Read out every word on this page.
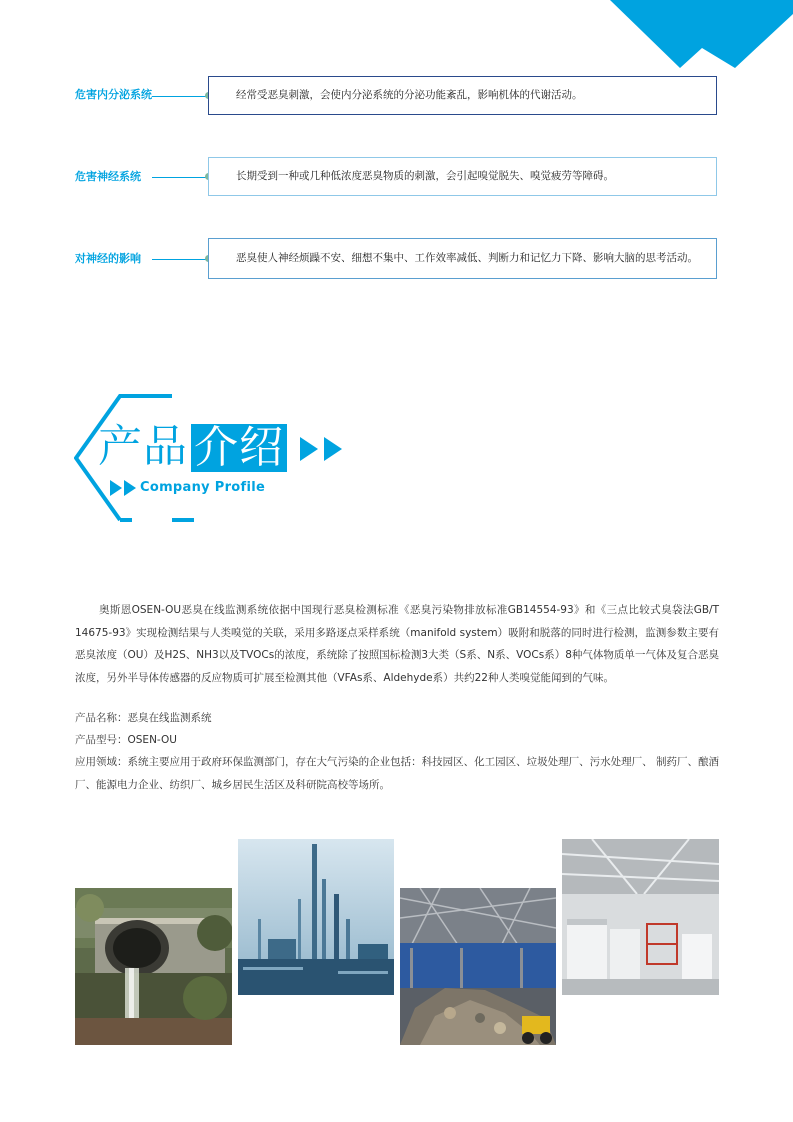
危害内分泌系统	经常受恶臭刺激，会使内分泌系统的分泌功能紊乱，影响机体的代谢活动。
危害神经系统	长期受到一种或几种低浓度恶臭物质的刺激，会引起嗅觉脱失、嗅觉疲劳等障碍。
对神经的影响	恶臭使人神经烦躁不安、细想不集中、工作效率减低、判断力和记忆力下降、影响大脑的思考活动。
产品 介绍
Company Profile

奥斯恩OSEN-OU恶臭在线监测系统依据中国现行恶臭检测标准《恶臭污染物排放标准GB14554-93》和《三点比较式臭袋法GB/T 14675-93》实现检测结果与人类嗅觉的关联，采用多路逐点采样系统（manifold system）吸附和脱落的同时进行检测，监测参数主要有恶臭浓度（OU）及H2S、NH3以及TVOCs的浓度，系统除了按照国标检测3大类（S系、N系、VOCs系）8种气体物质单一气体及复合恶臭浓度，另外半导体传感器的反应物质可扩展至检测其他（VFAs系、Aldehyde系）共约22种人类嗅觉能闻到的气味。

产品名称：恶臭在线监测系统

产品型号：OSEN-OU

应用领域：系统主要应用于政府环保监测部门，存在大气污染的企业包括：科技园区、化工园区、垃圾处理厂、污水处理厂、 制药厂、酿酒厂、能源电力企业、纺织厂、城乡居民生活区及科研院高校等场所。
